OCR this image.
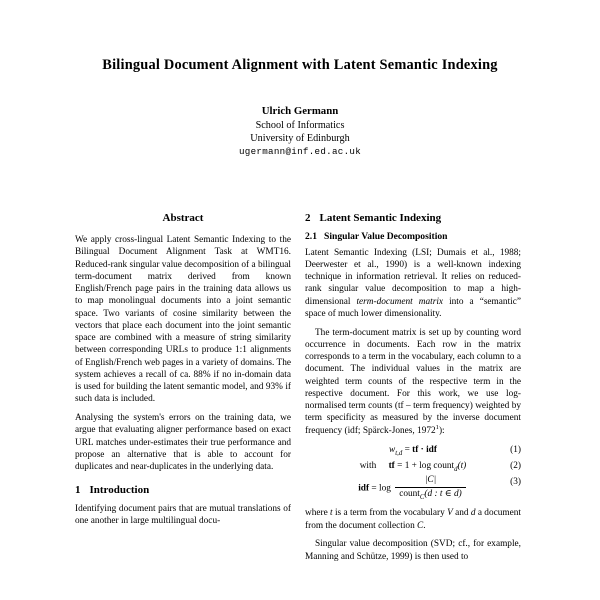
Bilingual Document Alignment with Latent Semantic Indexing
Ulrich Germann
School of Informatics
University of Edinburgh
ugermann@inf.ed.ac.uk
Abstract

We apply cross-lingual Latent Semantic Indexing to the Bilingual Document Alignment Task at WMT16. Reduced-rank singular value decomposition of a bilingual term-document matrix derived from known English/French page pairs in the training data allows us to map monolingual documents into a joint semantic space. Two variants of cosine similarity between the vectors that place each document into the joint semantic space are combined with a measure of string similarity between corresponding URLs to produce 1:1 alignments of English/French web pages in a variety of domains. The system achieves a recall of ca. 88% if no in-domain data is used for building the latent semantic model, and 93% if such data is included.

Analysing the system's errors on the training data, we argue that evaluating aligner performance based on exact URL matches under-estimates their true performance and propose an alternative that is able to account for duplicates and near-duplicates in the underlying data.

1 Introduction

Identifying document pairs that are mutual translations of one another in large multilingual docu-

2 Latent Semantic Indexing
2.1 Singular Value Decomposition

Latent Semantic Indexing (LSI; Dumais et al., 1988; Deerwester et al., 1990) is a well-known indexing technique in information retrieval. It relies on reduced-rank singular value decomposition to map a high-dimensional term-document matrix into a “semantic” space of much lower dimensionality.

The term-document matrix is set up by counting word occurrence in documents. Each row in the matrix corresponds to a term in the vocabulary, each column to a document. The individual values in the matrix are weighted term counts of the respective term in the respective document. For this work, we use log-normalised term counts (tf – term frequency) weighted by term specificity as measured by the inverse document frequency (idf; Spärck-Jones, 1972$^1$):

$w_{t,d}$ = tf · idf	(1)
with tf = 1 + log count$_d$(t)	(2)
idf = $\log \frac{|C|}{count_C(d : t \in d)}$	(3)

where t is a term from the vocabulary V and d a document from the document collection C.

Singular value decomposition (SVD; cf., for example, Manning and Schütze, 1999) is then used to
